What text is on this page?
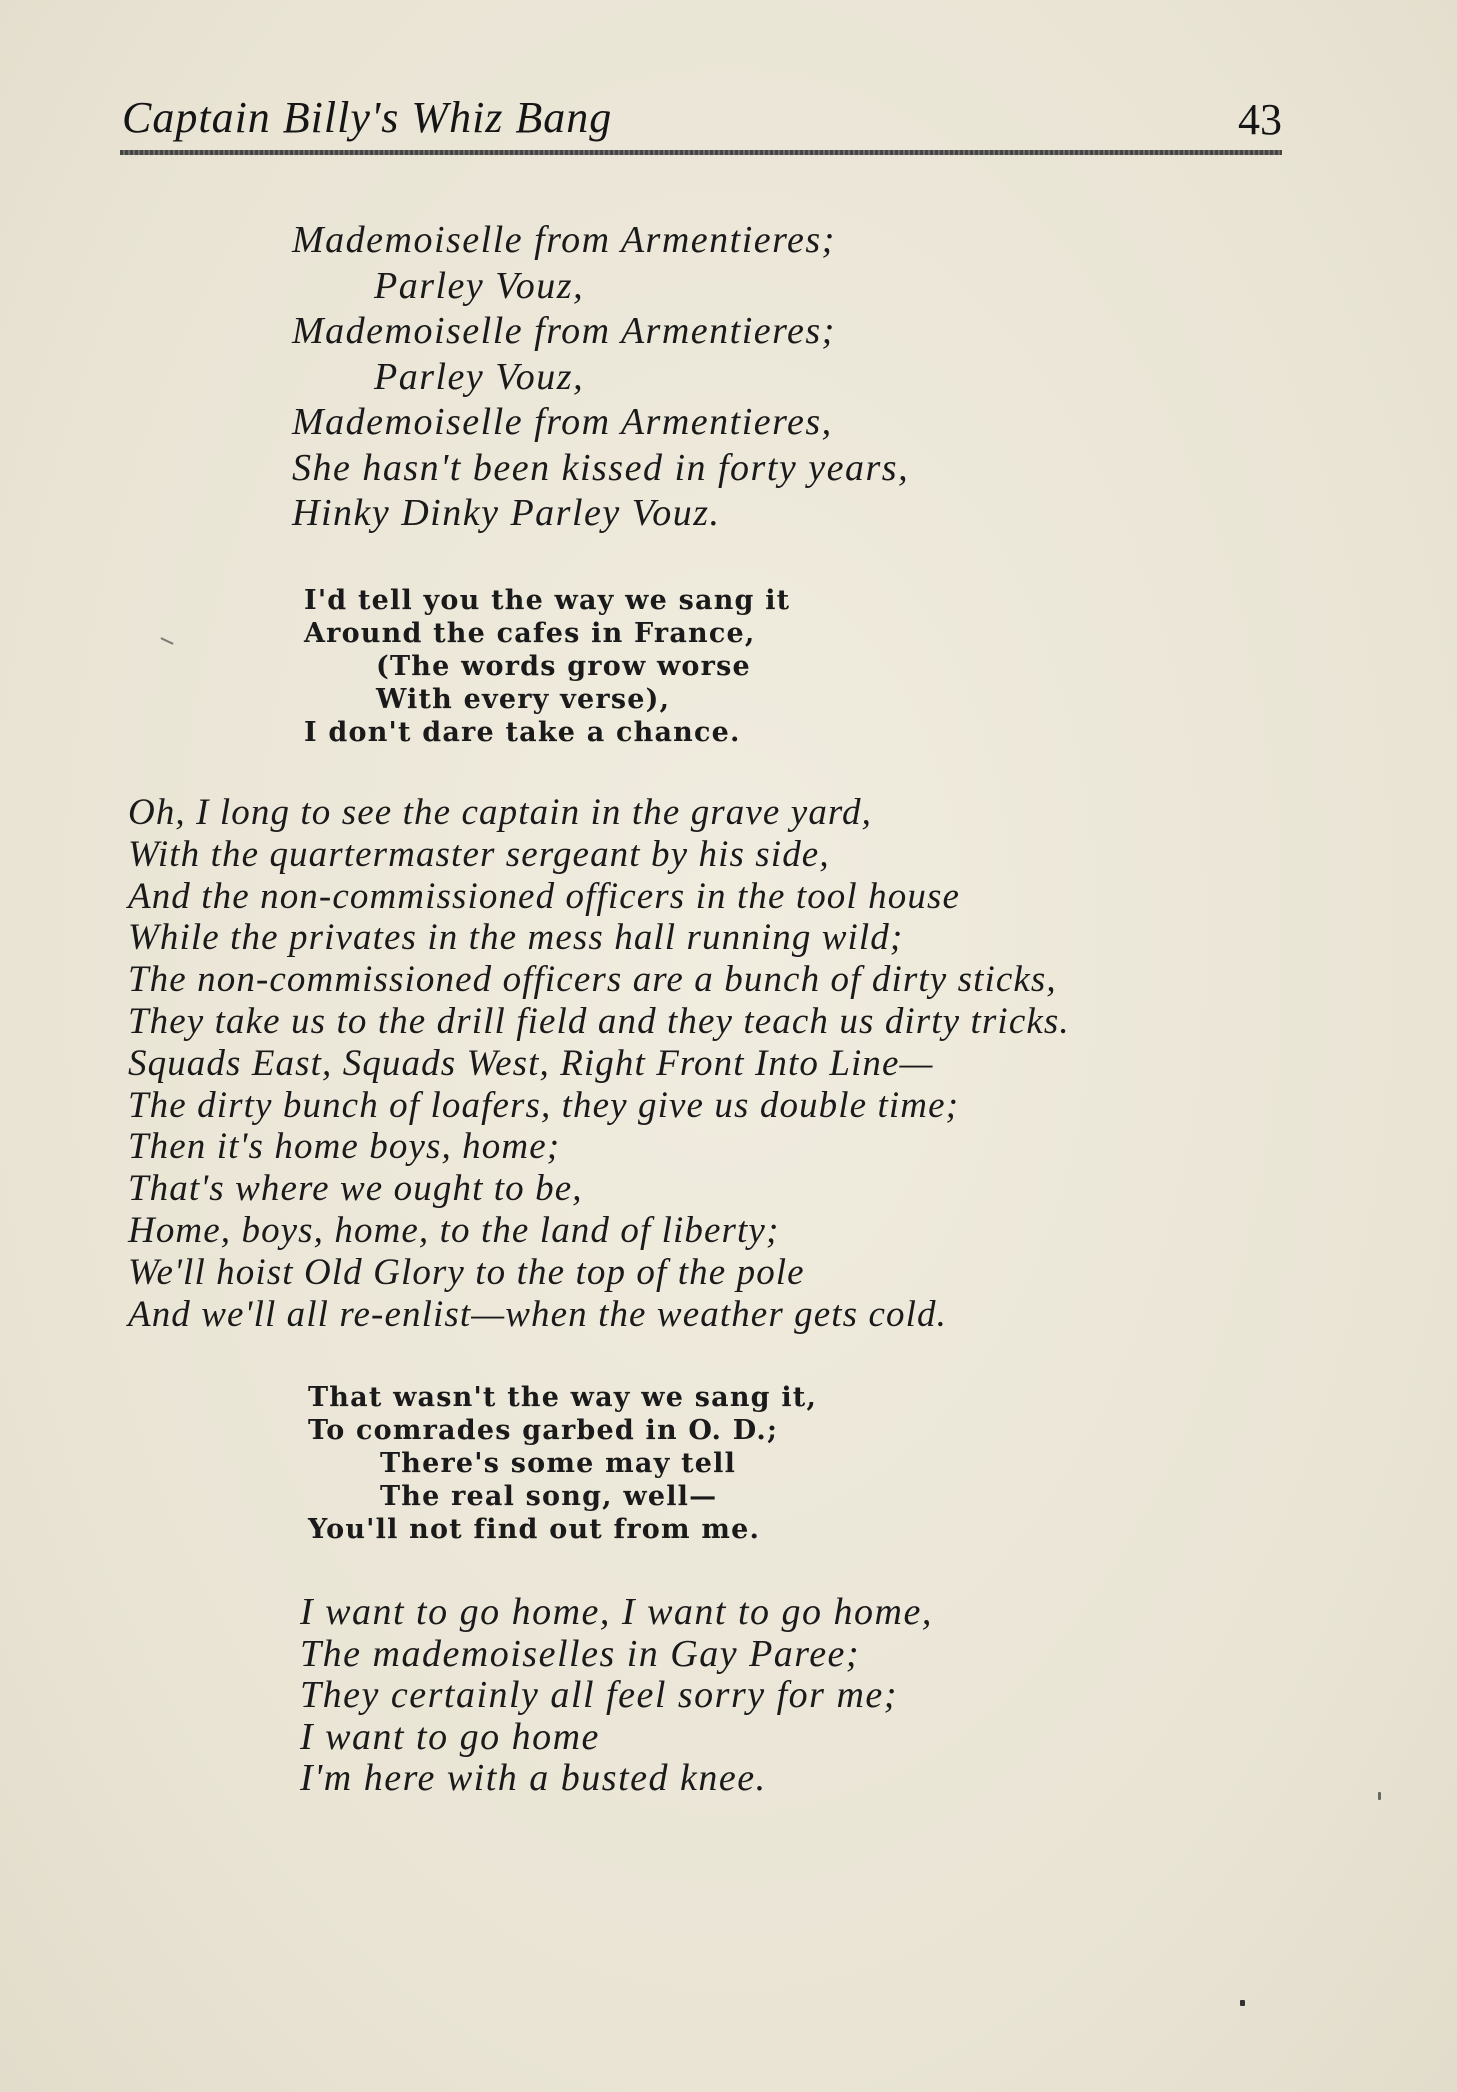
Captain Billy's Whiz Bang	43
Mademoiselle from Armentieres;
Parley Vouz,
Mademoiselle from Armentieres;
Parley Vouz,
Mademoiselle from Armentieres,
She hasn't been kissed in forty years,
Hinky Dinky Parley Vouz.
I'd tell you the way we sang it
Around the cafes in France,
(The words grow worse
With every verse),
I don't dare take a chance.
Oh, I long to see the captain in the grave yard,
With the quartermaster sergeant by his side,
And the non-commissioned officers in the tool house
While the privates in the mess hall running wild;
The non-commissioned officers are a bunch of dirty sticks,
They take us to the drill field and they teach us dirty tricks.
Squads East, Squads West, Right Front Into Line—
The dirty bunch of loafers, they give us double time;
Then it's home boys, home;
That's where we ought to be,
Home, boys, home, to the land of liberty;
We'll hoist Old Glory to the top of the pole
And we'll all re-enlist—when the weather gets cold.
That wasn't the way we sang it,
To comrades garbed in O. D.;
There's some may tell
The real song, well—
You'll not find out from me.
I want to go home, I want to go home,
The mademoiselles in Gay Paree;
They certainly all feel sorry for me;
I want to go home
I'm here with a busted knee.
